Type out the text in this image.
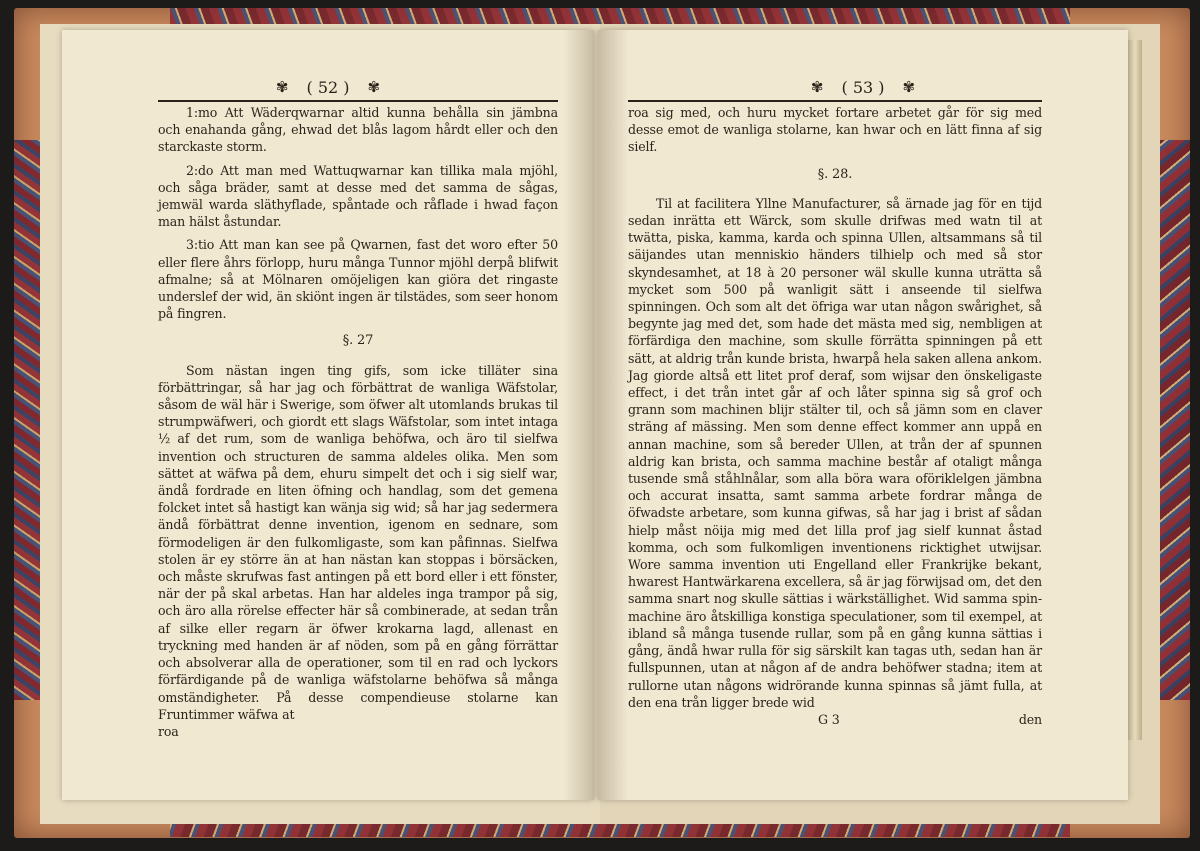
✾ ( 52 ) ✾

1:mo Att Wäderqwarnar altid kunna behålla sin jämbna och enahanda gång, ehwad det blås lagom hårdt eller och den starckaste storm.

2:do Att man med Wattuqwarnar kan tillika mala mjöhl, och såga bräder, samt at desse med det samma de sågas, jemwäl warda släthyflade, spåntade och råflade i hwad façon man hälst åstundar.

3:tio Att man kan see på Qwarnen, fast det woro efter 50 eller flere åhrs förlopp, huru många Tunnor mjöhl derpå blifwit afmalne; så at Mölnaren omöjeligen kan giöra det ringaste underslef der wid, än skiönt ingen är tilstädes, som seer honom på fingren.

§. 27

Som nästan ingen ting gifs, som icke tilläter sina förbättringar, så har jag och förbättrat de wanliga Wäfstolar, såsom de wäl här i Swerige, som öfwer alt utomlands brukas til strumpwäfweri, och giordt ett slags Wäfstolar, som intet intaga ½ af det rum, som de wanliga behöfwa, och äro til sielfwa invention och structuren de samma aldeles olika. Men som sättet at wäfwa på dem, ehuru simpelt det och i sig sielf war, ändå fordrade en liten öfning och handlag, som det gemena folcket intet så hastigt kan wänja sig wid; så har jag sedermera ändå förbättrat denne invention, igenom en sednare, som förmodeligen är den fulkomligaste, som kan påfinnas. Sielfwa stolen är ey större än at han nästan kan stoppas i börsäcken, och måste skrufwas fast antingen på ett bord eller i ett fönster, när der på skal arbetas. Han har aldeles inga trampor på sig, och äro alla rörelse effecter här så combinerade, at sedan trån af silke eller regarn är öfwer krokarna lagd, allenast en tryckning med handen är af nöden, som på en gång förrättar och absolverar alla de operationer, som til en rad och lyckors förfärdigande på de wanliga wäfstolarne behöfwa så många omständigheter. På desse compendieuse stolarne kan Fruntimmer wäfwa at

roa

✾ ( 53 ) ✾

roa sig med, och huru mycket fortare arbetet går för sig med desse emot de wanliga stolarne, kan hwar och en lätt finna af sig sielf.

§. 28.

Til at facilitera Yllne Manufacturer, så ärnade jag för en tijd sedan inrätta ett Wärck, som skulle drifwas med watn til at twätta, piska, kamma, karda och spinna Ullen, altsammans så til säijandes utan menniskio händers tilhielp och med så stor skyndesamhet, at 18 à 20 personer wäl skulle kunna uträtta så mycket som 500 på wanligit sätt i anseende til sielfwa spinningen. Och som alt det öfriga war utan någon swårighet, så begynte jag med det, som hade det mästa med sig, nembligen at förfärdiga den machine, som skulle förrätta spinningen på ett sätt, at aldrig trån kunde brista, hwarpå hela saken allena ankom. Jag giorde altså ett litet prof deraf, som wijsar den önskeligaste effect, i det trån intet går af och låter spinna sig så grof och grann som machinen blijr stälter til, och så jämn som en claver sträng af mässing. Men som denne effect kommer ann uppå en annan machine, som så bereder Ullen, at trån der af spunnen aldrig kan brista, och samma machine består af otaligt många tusende små ståhlnålar, som alla böra wara oföriklelgen jämbna och accurat insatta, samt samma arbete fordrar många de öfwadste arbetare, som kunna gifwas, så har jag i brist af sådan hielp måst nöija mig med det lilla prof jag sielf kunnat åstad komma, och som fulkomligen inventionens ricktighet utwijsar. Wore samma invention uti Engelland eller Frankrijke bekant, hwarest Hantwärkarena excellera, så är jag förwijsad om, det den samma snart nog skulle sättias i wärkställighet. Wid samma spin-machine äro åtskilliga konstiga speculationer, som til exempel, at ibland så många tusende rullar, som på en gång kunna sättias i gång, ändå hwar rulla för sig särskilt kan tagas uth, sedan han är fullspunnen, utan at någon af de andra behöfwer stadna; item at rullorne utan någons widrörande kunna spinnas så jämt fulla, at den ena trån ligger brede wid

G 3	den
